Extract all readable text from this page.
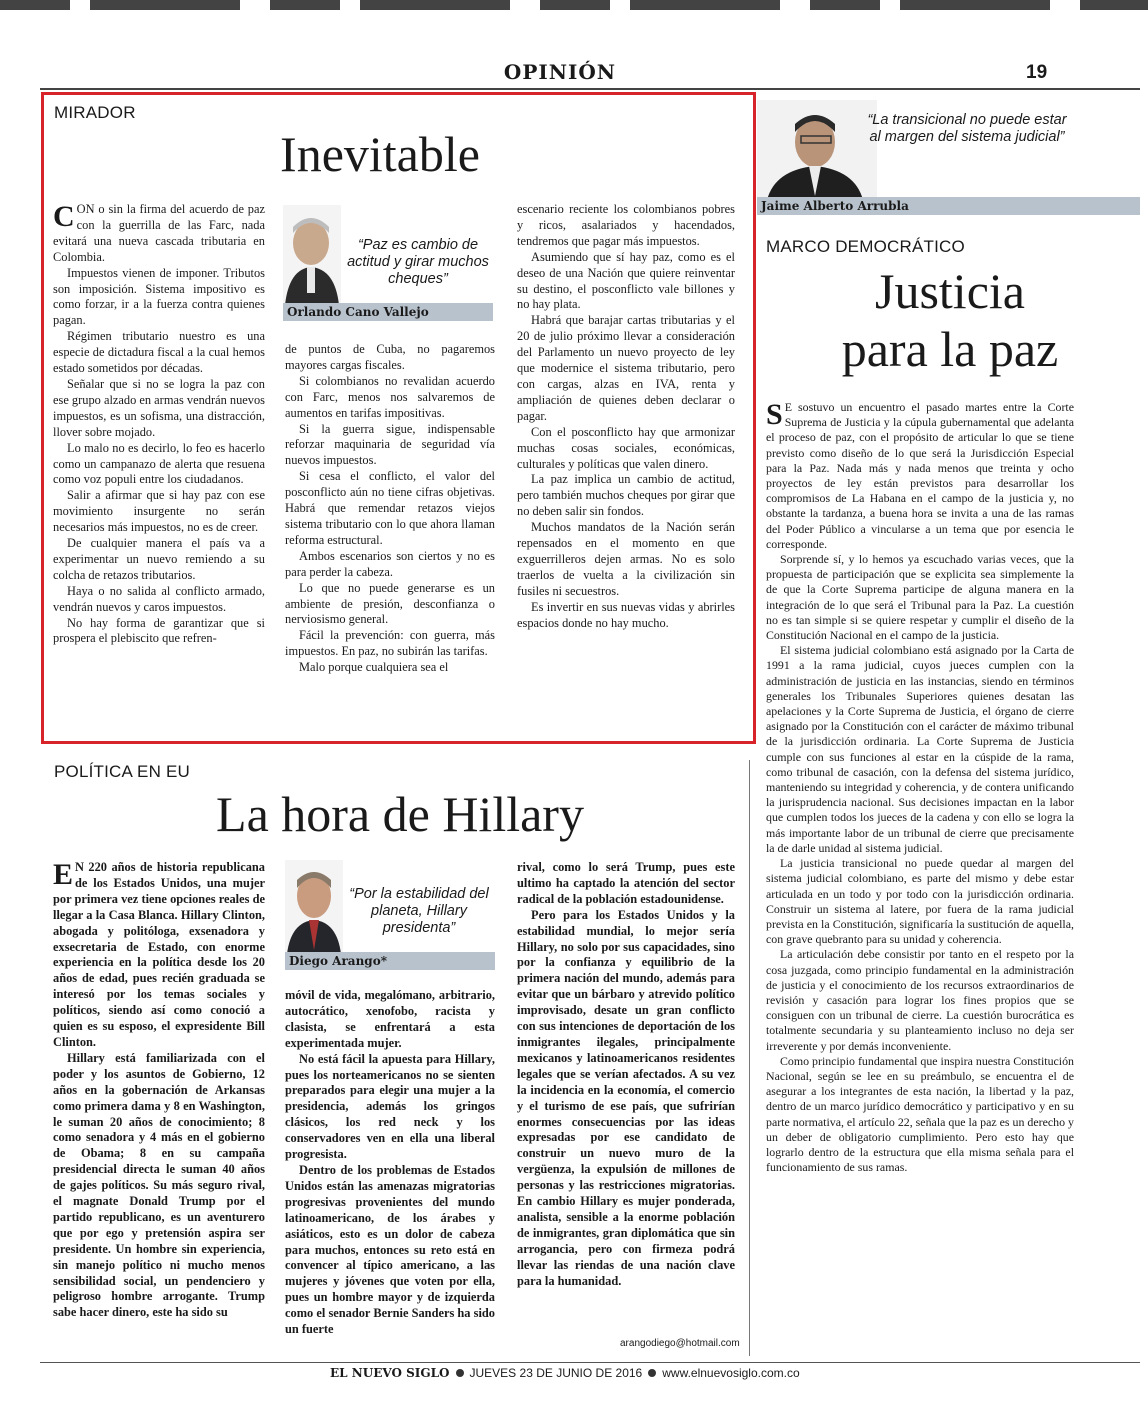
OPINIÓN	19
MIRADOR
Inevitable

CON o sin la firma del acuerdo de paz con la guerrilla de las Farc, nada evitará una nueva cascada tributaria en Colombia.

Impuestos vienen de imponer. Tributos son imposición. Sistema impositivo es como forzar, ir a la fuerza contra quienes pagan.

Régimen tributario nuestro es una especie de dictadura fiscal a la cual hemos estado sometidos por décadas.

Señalar que si no se logra la paz con ese grupo alzado en armas vendrán nuevos impuestos, es un sofisma, una distracción, llover sobre mojado.

Lo malo no es decirlo, lo feo es hacerlo como un campanazo de alerta que resuena como voz populi entre los ciudadanos.

Salir a afirmar que si hay paz con ese movimiento insurgente no serán necesarios más impuestos, no es de creer.

De cualquier manera el país va a experimentar un nuevo remiendo a su colcha de retazos tributarios.

Haya o no salida al conflicto armado, vendrán nuevos y caros impuestos.

No hay forma de garantizar que si prospera el plebiscito que refren-

“Paz es cambio de actitud y girar muchos cheques”
Orlando Cano Vallejo

de puntos de Cuba, no pagaremos mayores cargas fiscales.

Si colombianos no revalidan acuerdo con Farc, menos nos salvaremos de aumentos en tarifas impositivas.

Si la guerra sigue, indispensable reforzar maquinaria de seguridad vía nuevos impuestos.

Si cesa el conflicto, el valor del posconflicto aún no tiene cifras objetivas. Habrá que remendar retazos viejos sistema tributario con lo que ahora llaman reforma estructural.

Ambos escenarios son ciertos y no es para perder la cabeza.

Lo que no puede generarse es un ambiente de presión, desconfianza o nerviosismo general.

Fácil la prevención: con guerra, más impuestos. En paz, no subirán las tarifas.

Malo porque cualquiera sea el

escenario reciente los colombianos pobres y ricos, asalariados y hacendados, tendremos que pagar más impuestos.

Asumiendo que sí hay paz, como es el deseo de una Nación que quiere reinventar su destino, el posconflicto vale billones y no hay plata.

Habrá que barajar cartas tributarias y el 20 de julio próximo llevar a consideración del Parlamento un nuevo proyecto de ley que modernice el sistema tributario, pero con cargas, alzas en IVA, renta y ampliación de quienes deben declarar o pagar.

Con el posconflicto hay que armonizar muchas cosas sociales, económicas, culturales y políticas que valen dinero.

La paz implica un cambio de actitud, pero también muchos cheques por girar que no deben salir sin fondos.

Muchos mandatos de la Nación serán repensados en el momento en que exguerrilleros dejen armas. No es solo traerlos de vuelta a la civilización sin fusiles ni secuestros.

Es invertir en sus nuevas vidas y abrirles espacios donde no hay mucho.

“La transicional no puede estar al margen del sistema judicial”
Jaime Alberto Arrubla
MARCO DEMOCRÁTICO
Justicia
para la paz

S E sostuvo un encuentro el pasado martes entre la Corte Suprema de Justicia y la cúpula gubernamental que adelanta el proceso de paz, con el propósito de articular lo que se tiene previsto como diseño de lo que será la Jurisdicción Especial para la Paz. Nada más y nada menos que treinta y ocho proyectos de ley están previstos para desarrollar los compromisos de La Habana en el campo de la justicia y, no obstante la tardanza, a buena hora se invita a una de las ramas del Poder Público a vincularse a un tema que por esencia le corresponde.

Sorprende sí, y lo hemos ya escuchado varias veces, que la propuesta de participación que se explicita sea simplemente la de que la Corte Suprema participe de alguna manera en la integración de lo que será el Tribunal para la Paz. La cuestión no es tan simple si se quiere respetar y cumplir el diseño de la Constitución Nacional en el campo de la justicia.

El sistema judicial colombiano está asignado por la Carta de 1991 a la rama judicial, cuyos jueces cumplen con la administración de justicia en las instancias, siendo en términos generales los Tribunales Superiores quienes desatan las apelaciones y la Corte Suprema de Justicia, el órgano de cierre asignado por la Constitución con el carácter de máximo tribunal de la jurisdicción ordinaria. La Corte Suprema de Justicia cumple con sus funciones al estar en la cúspide de la rama, como tribunal de casación, con la defensa del sistema jurídico, manteniendo su integridad y coherencia, y de contera unificando la jurisprudencia nacional. Sus decisiones impactan en la labor que cumplen todos los jueces de la cadena y con ello se logra la más importante labor de un tribunal de cierre que precisamente la de darle unidad al sistema judicial.

La justicia transicional no puede quedar al margen del sistema judicial colombiano, es parte del mismo y debe estar articulada en un todo y por todo con la jurisdicción ordinaria. Construir un sistema al latere, por fuera de la rama judicial prevista en la Constitución, significaría la sustitución de aquella, con grave quebranto para su unidad y coherencia.

La articulación debe consistir por tanto en el respeto por la cosa juzgada, como principio fundamental en la administración de justicia y el conocimiento de los recursos extraordinarios de revisión y casación para lograr los fines propios que se consiguen con un tribunal de cierre. La cuestión burocrática es totalmente secundaria y su planteamiento incluso no deja ser irreverente y por demás inconveniente.

Como principio fundamental que inspira nuestra Constitución Nacional, según se lee en su preámbulo, se encuentra el de asegurar a los integrantes de esta nación, la libertad y la paz, dentro de un marco jurídico democrático y participativo y en su parte normativa, el artículo 22, señala que la paz es un derecho y un deber de obligatorio cumplimiento. Pero esto hay que lograrlo dentro de la estructura que ella misma señala para el funcionamiento de sus ramas.

POLÍTICA EN EU
La hora de Hillary

E N 220 años de historia republicana de los Estados Unidos, una mujer por primera vez tiene opciones reales de llegar a la Casa Blanca. Hillary Clinton, abogada y politóloga, exsenadora y exsecretaria de Estado, con enorme experiencia en la política desde los 20 años de edad, pues recién graduada se interesó por los temas sociales y políticos, siendo así como conoció a quien es su esposo, el expresidente Bill Clinton.

Hillary está familiarizada con el poder y los asuntos de Gobierno, 12 años en la gobernación de Arkansas como primera dama y 8 en Washington, le suman 20 años de conocimiento; 8 como senadora y 4 más en el gobierno de Obama; 8 en su campaña presidencial directa le suman 40 años de gajes políticos. Su más seguro rival, el magnate Donald Trump por el partido republicano, es un aventurero que por ego y pretensión aspira ser presidente. Un hombre sin experiencia, sin manejo político ni mucho menos sensibilidad social, un pendenciero y peligroso hombre arrogante. Trump sabe hacer dinero, este ha sido su

“Por la estabilidad del planeta, Hillary presidenta”
Diego Arango*

móvil de vida, megalómano, arbitrario, autocrático, xenofobo, racista y clasista, se enfrentará a esta experimentada mujer.

No está fácil la apuesta para Hillary, pues los norteamericanos no se sienten preparados para elegir una mujer a la presidencia, además los gringos clásicos, los red neck y los conservadores ven en ella una liberal progresista.

Dentro de los problemas de Estados Unidos están las amenazas migratorias progresivas provenientes del mundo latinoamericano, de los árabes y asiáticos, esto es un dolor de cabeza para muchos, entonces su reto está en convencer al típico americano, a las mujeres y jóvenes que voten por ella, pues un hombre mayor y de izquierda como el senador Bernie Sanders ha sido un fuerte

rival, como lo será Trump, pues este ultimo ha captado la atención del sector radical de la población estadounidense.

Pero para los Estados Unidos y la estabilidad mundial, lo mejor sería Hillary, no solo por sus capacidades, sino por la confianza y equilibrio de la primera nación del mundo, además para evitar que un bárbaro y atrevido político improvisado, desate un gran conflicto con sus intenciones de deportación de los inmigrantes ilegales, principalmente mexicanos y latinoamericanos residentes legales que se verían afectados. A su vez la incidencia en la economía, el comercio y el turismo de ese país, que sufrirían enormes consecuencias por las ideas expresadas por ese candidato de construir un nuevo muro de la vergüenza, la expulsión de millones de personas y las restricciones migratorias. En cambio Hillary es mujer ponderada, analista, sensible a la enorme población de inmigrantes, gran diplomática que sin arrogancia, pero con firmeza podrá llevar las riendas de una nación clave para la humanidad.

arangodiego@hotmail.com
EL NUEVO SIGLO JUEVES 23 DE JUNIO DE 2016 www.elnuevosiglo.com.co
